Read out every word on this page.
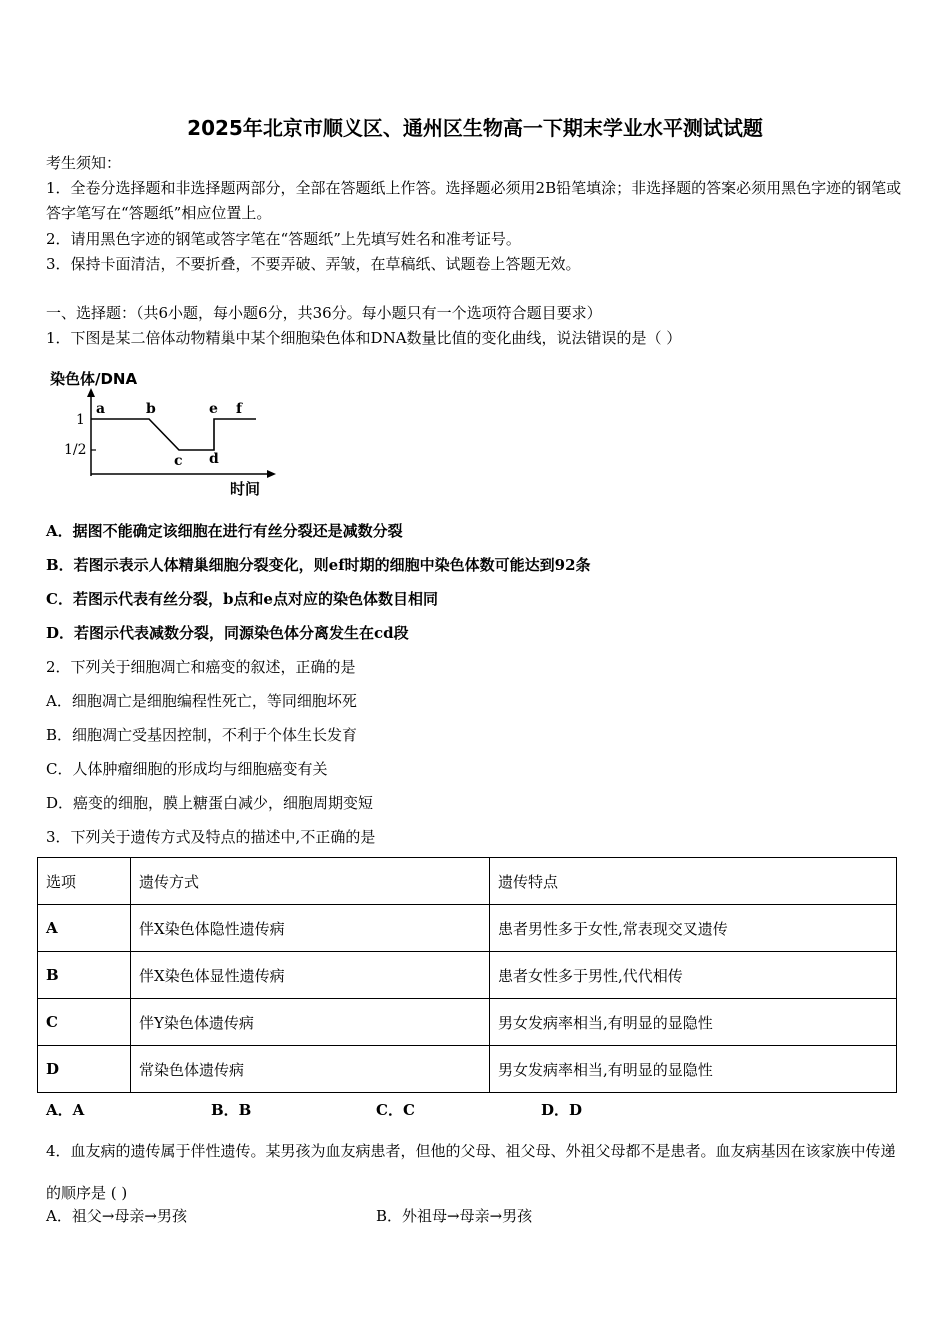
2025年北京市顺义区、通州区生物高一下期末学业水平测试试题
考生须知：
1．全卷分选择题和非选择题两部分，全部在答题纸上作答。选择题必须用2B铅笔填涂；非选择题的答案必须用黑色字迹的钢笔或答字笔写在“答题纸”相应位置上。
2．请用黑色字迹的钢笔或答字笔在“答题纸”上先填写姓名和准考证号。
3．保持卡面清洁，不要折叠，不要弄破、弄皱，在草稿纸、试题卷上答题无效。
一、选择题：（共6小题，每小题6分，共36分。每小题只有一个选项符合题目要求）
1．下图是某二倍体动物精巢中某个细胞染色体和DNA数量比值的变化曲线，说法错误的是（ ）
染色体/DNA
1
1/2
a	b
c d
e f
时间
A．据图不能确定该细胞在进行有丝分裂还是减数分裂
B．若图示表示人体精巢细胞分裂变化，则ef时期的细胞中染色体数可能达到92条
C．若图示代表有丝分裂，b点和e点对应的染色体数目相同
D．若图示代表减数分裂，同源染色体分离发生在cd段
2．下列关于细胞凋亡和癌变的叙述，正确的是
A．细胞凋亡是细胞编程性死亡，等同细胞坏死
B．细胞凋亡受基因控制，不利于个体生长发育
C．人体肿瘤细胞的形成均与细胞癌变有关
D．癌变的细胞，膜上糖蛋白减少，细胞周期变短
3．下列关于遗传方式及特点的描述中,不正确的是
选项	遗传方式	遗传特点
A	伴X染色体隐性遗传病	患者男性多于女性,常表现交叉遗传
B	伴X染色体显性遗传病	患者女性多于男性,代代相传
C	伴Y染色体遗传病	男女发病率相当,有明显的显隐性
D	常染色体遗传病	男女发病率相当,有明显的显隐性
A．A	B．B	C．C	D．D
4．血友病的遗传属于伴性遗传。某男孩为血友病患者，但他的父母、祖父母、外祖父母都不是患者。血友病基因在该家族中传递的顺序是 ( )
A．祖父→母亲→男孩	B．外祖母→母亲→男孩
